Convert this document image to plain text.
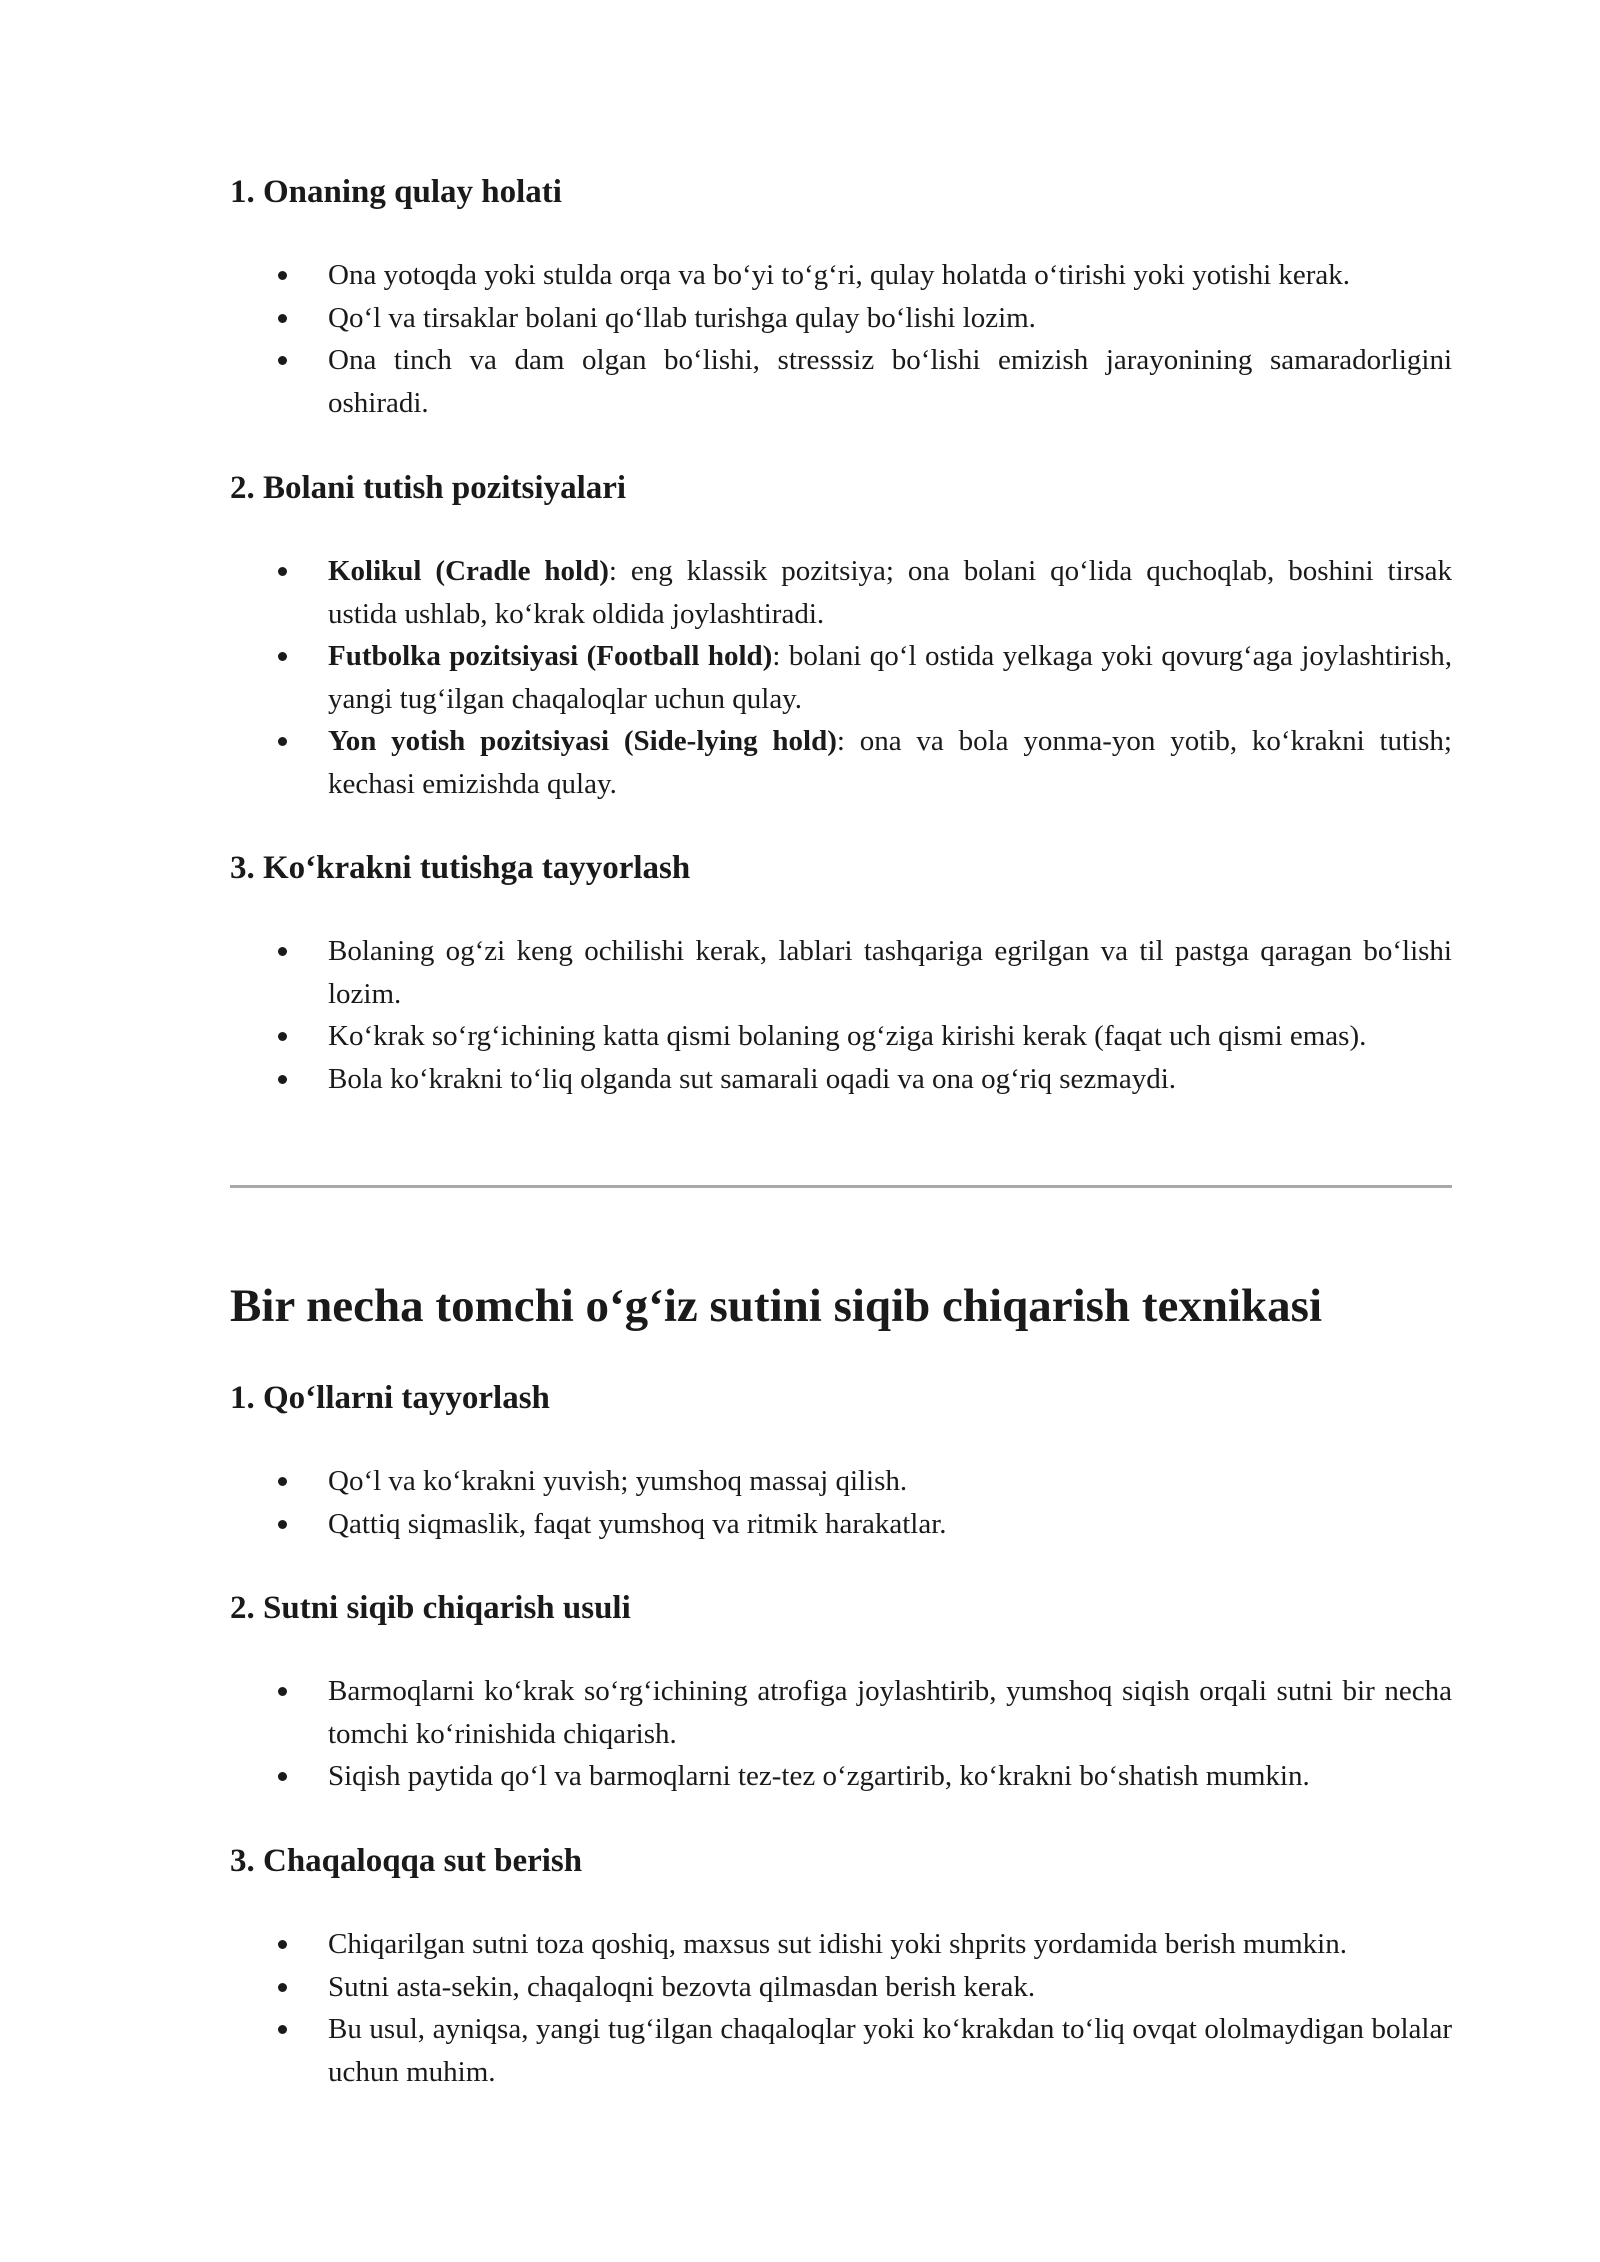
1. Onaning qulay holati
Ona yotoqda yoki stulda orqa va bo‘yi to‘g‘ri, qulay holatda o‘tirishi yoki yotishi kerak.
Qo‘l va tirsaklar bolani qo‘llab turishga qulay bo‘lishi lozim.
Ona tinch va dam olgan bo‘lishi, stresssiz bo‘lishi emizish jarayonining samaradorligini oshiradi.
2. Bolani tutish pozitsiyalari
Kolikul (Cradle hold): eng klassik pozitsiya; ona bolani qo‘lida quchoqlab, boshini tirsak ustida ushlab, ko‘krak oldida joylashtiradi.
Futbolka pozitsiyasi (Football hold): bolani qo‘l ostida yelkaga yoki qovurg‘aga joylashtirish, yangi tug‘ilgan chaqaloqlar uchun qulay.
Yon yotish pozitsiyasi (Side-lying hold): ona va bola yonma-yon yotib, ko‘krakni tutish; kechasi emizishda qulay.
3. Ko‘krakni tutishga tayyorlash
Bolaning og‘zi keng ochilishi kerak, lablari tashqariga egrilgan va til pastga qaragan bo‘lishi lozim.
Ko‘krak so‘rg‘ichining katta qismi bolaning og‘ziga kirishi kerak (faqat uch qismi emas).
Bola ko‘krakni to‘liq olganda sut samarali oqadi va ona og‘riq sezmaydi.
Bir necha tomchi o‘g‘iz sutini siqib chiqarish texnikasi
1. Qo‘llarni tayyorlash
Qo‘l va ko‘krakni yuvish; yumshoq massaj qilish.
Qattiq siqmaslik, faqat yumshoq va ritmik harakatlar.
2. Sutni siqib chiqarish usuli
Barmoqlarni ko‘krak so‘rg‘ichining atrofiga joylashtirib, yumshoq siqish orqali sutni bir necha tomchi ko‘rinishida chiqarish.
Siqish paytida qo‘l va barmoqlarni tez-tez o‘zgartirib, ko‘krakni bo‘shatish mumkin.
3. Chaqaloqqa sut berish
Chiqarilgan sutni toza qoshiq, maxsus sut idishi yoki shprits yordamida berish mumkin.
Sutni asta-sekin, chaqaloqni bezovta qilmasdan berish kerak.
Bu usul, ayniqsa, yangi tug‘ilgan chaqaloqlar yoki ko‘krakdan to‘liq ovqat ololmaydigan bolalar uchun muhim.
